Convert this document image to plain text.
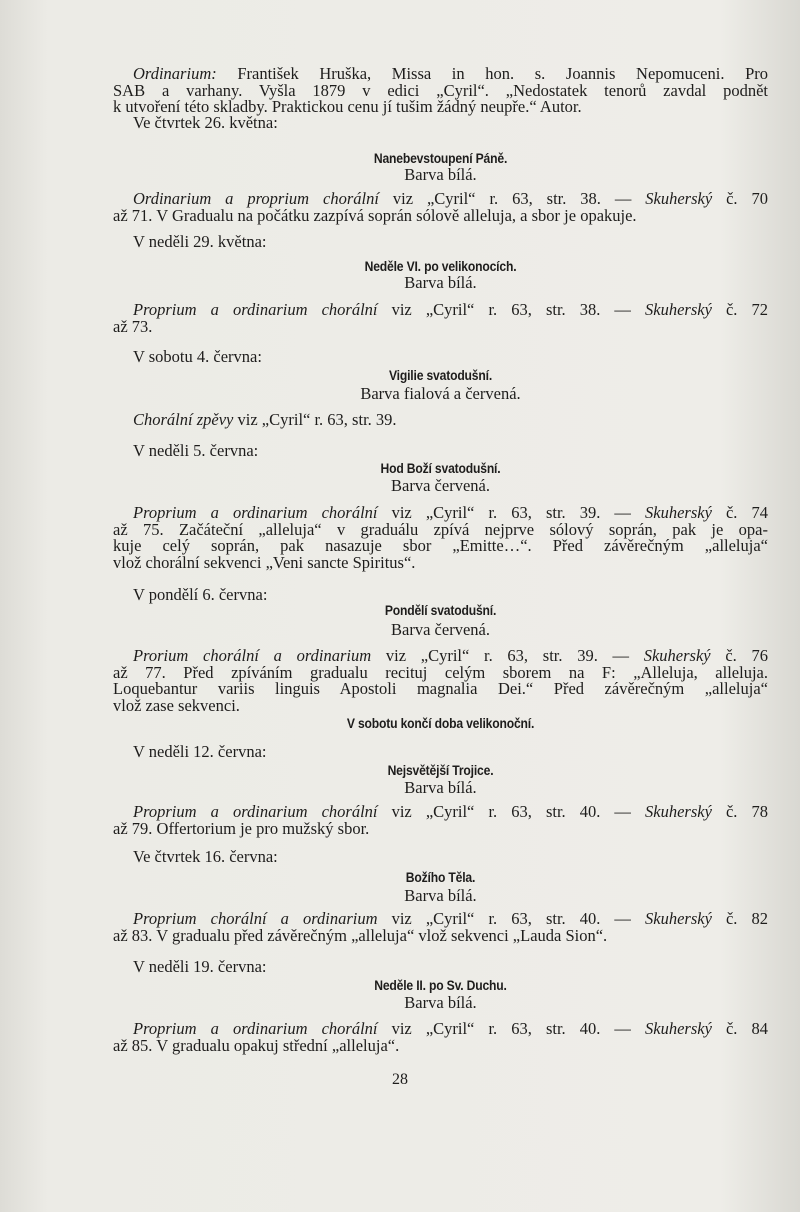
Ordinarium: František Hruška, Missa in hon. s. Joannis Nepomuceni. Pro
SAB a varhany. Vyšla 1879 v edici „Cyril“. „Nedostatek tenorů zavdal podnět
k utvoření této skladby. Praktickou cenu jí tušim žádný neupře.“ Autor.
Ve čtvrtek 26. května:
Nanebevstoupení Páně.
Barva bílá.
Ordinarium a proprium chorální viz „Cyril“ r. 63, str. 38. — Skuherský č. 70
až 71. V Gradualu na počátku zazpívá soprán sólově alleluja, a sbor je opakuje.
V neděli 29. května:
Neděle VI. po velikonocích.
Barva bílá.
Proprium a ordinarium chorální viz „Cyril“ r. 63, str. 38. — Skuherský č. 72
až 73.
V sobotu 4. června:
Vigilie svatodušní.
Barva fialová a červená.
Chorální zpěvy viz „Cyril“ r. 63, str. 39.
V neděli 5. června:
Hod Boží svatodušní.
Barva červená.
Proprium a ordinarium chorální viz „Cyril“ r. 63, str. 39. — Skuherský č. 74
až 75. Začáteční „alleluja“ v graduálu zpívá nejprve sólový soprán, pak je opa-
kuje celý soprán, pak nasazuje sbor „Emitte…“. Před závěrečným „alleluja“
vlož chorální sekvenci „Veni sancte Spiritus“.
V pondělí 6. června:
Pondělí svatodušní.
Barva červená.
Prorium chorální a ordinarium viz „Cyril“ r. 63, str. 39. — Skuherský č. 76
až 77. Před zpíváním gradualu recituj celým sborem na F: „Alleluja, alleluja.
Loquebantur variis linguis Apostoli magnalia Dei.“ Před závěrečným „alleluja“
vlož zase sekvenci.
V sobotu končí doba velikonoční.
V neděli 12. června:
Nejsvětější Trojice.
Barva bílá.
Proprium a ordinarium chorální viz „Cyril“ r. 63, str. 40. — Skuherský č. 78
až 79. Offertorium je pro mužský sbor.
Ve čtvrtek 16. června:
Božího Těla.
Barva bílá.
Proprium chorální a ordinarium viz „Cyril“ r. 63, str. 40. — Skuherský č. 82
až 83. V gradualu před závěrečným „alleluja“ vlož sekvenci „Lauda Sion“.
V neděli 19. června:
Neděle II. po Sv. Duchu.
Barva bílá.
Proprium a ordinarium chorální viz „Cyril“ r. 63, str. 40. — Skuherský č. 84
až 85. V gradualu opakuj střední „alleluja“.
28
